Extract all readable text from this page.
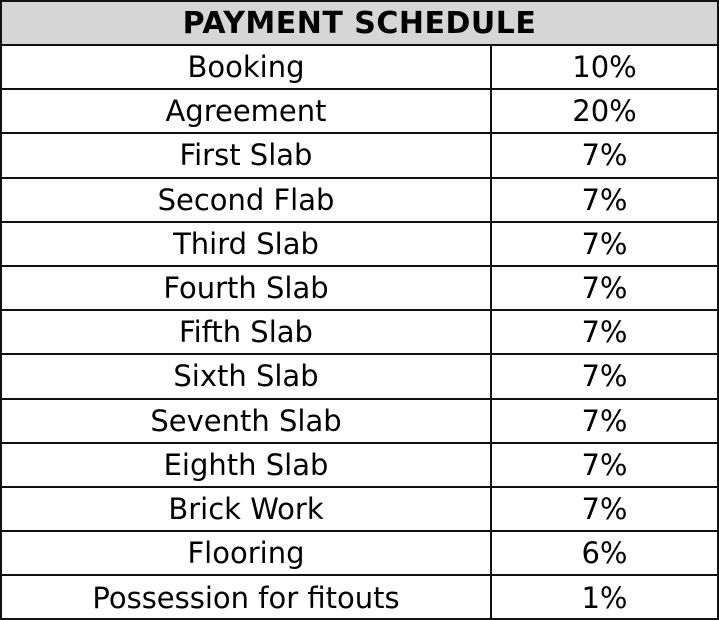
PAYMENT SCHEDULE
Booking	10%
Agreement	20%
First Slab	7%
Second Flab	7%
Third Slab	7%
Fourth Slab	7%
Fifth Slab	7%
Sixth Slab	7%
Seventh Slab	7%
Eighth Slab	7%
Brick Work	7%
Flooring	6%
Possession for fitouts	1%
